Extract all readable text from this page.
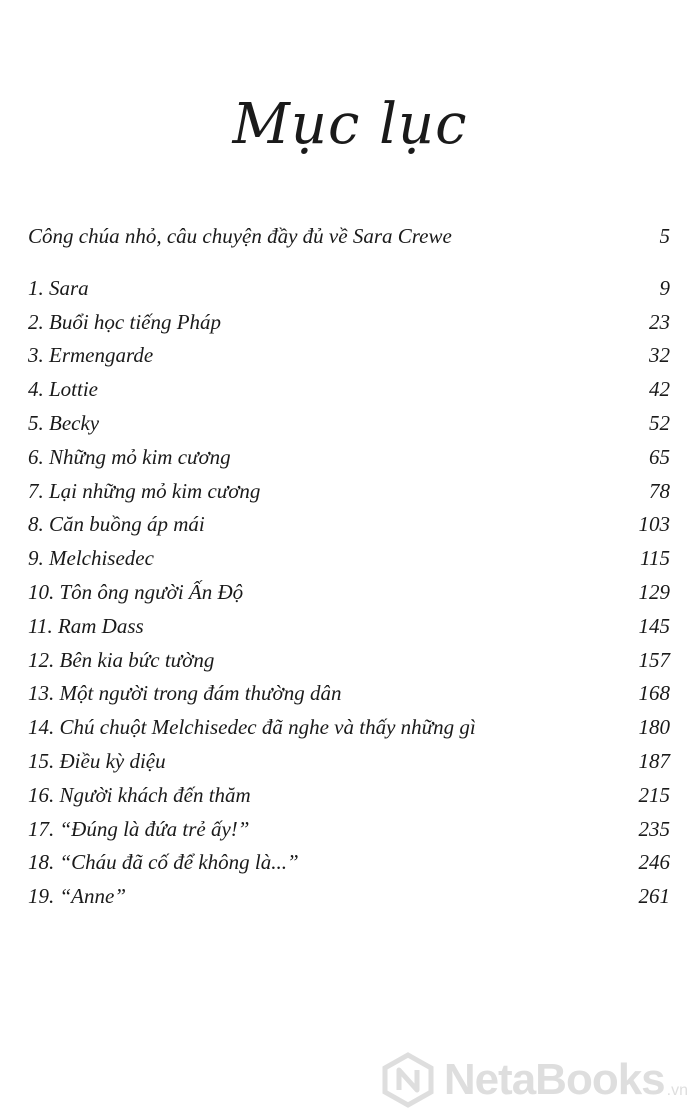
Mục lục
Công chúa nhỏ, câu chuyện đầy đủ về Sara Crewe	5
1. Sara	9
2. Buổi học tiếng Pháp	23
3. Ermengarde	32
4. Lottie	42
5. Becky	52
6. Những mỏ kim cương	65
7. Lại những mỏ kim cương	78
8. Căn buồng áp mái	103
9. Melchisedec	115
10. Tôn ông người Ấn Độ	129
11. Ram Dass	145
12. Bên kia bức tường	157
13. Một người trong đám thường dân	168
14. Chú chuột Melchisedec đã nghe và thấy những gì	180
15. Điều kỳ diệu	187
16. Người khách đến thăm	215
17. “Đúng là đứa trẻ ấy!”	235
18. “Cháu đã cố để không là...”	246
19. “Anne”	261
NetaBooks .vn
